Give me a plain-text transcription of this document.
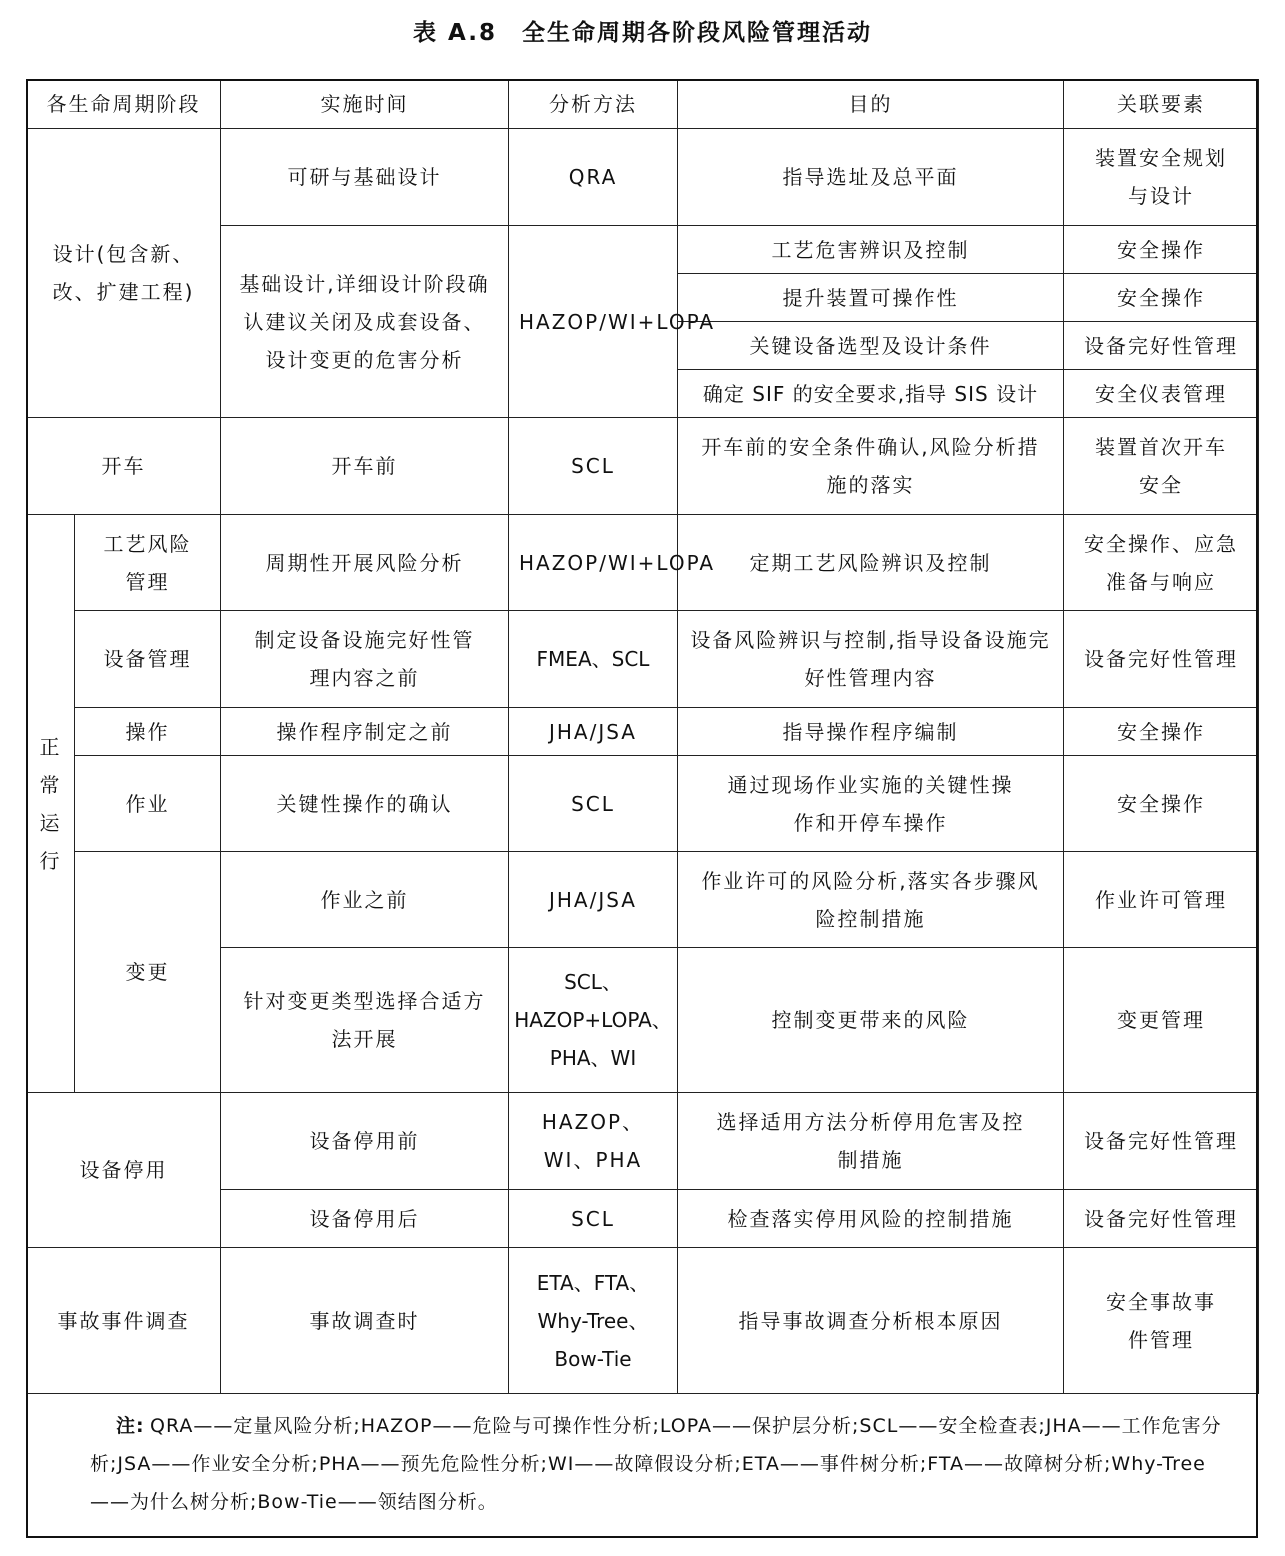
表 A.8　全生命周期各阶段风险管理活动
各生命周期阶段		实施时间	分析方法	目的	关联要素
设计(包含新、改、扩建工程)		可研与基础设计	QRA	指导选址及总平面	装置安全规划与设计
		基础设计,详细设计阶段确认建议关闭及成套设备、设计变更的危害分析	HAZOP/WI+LOPA	工艺危害辨识及控制	安全操作
				提升装置可操作性	安全操作
				关键设备选型及设计条件	设备完好性管理
				确定 SIF 的安全要求,指导 SIS 设计	安全仪表管理
开车		开车前	SCL	开车前的安全条件确认,风险分析措施的落实	装置首次开车安全
正常运行	工艺风险管理	周期性开展风险分析	HAZOP/WI+LOPA	定期工艺风险辨识及控制	安全操作、应急准备与响应
	设备管理	制定设备设施完好性管理内容之前	FMEA、SCL	设备风险辨识与控制,指导设备设施完好性管理内容	设备完好性管理
	操作	操作程序制定之前	JHA/JSA	指导操作程序编制	安全操作
	作业	关键性操作的确认	SCL	通过现场作业实施的关键性操作和开停车操作	安全操作
	变更	作业之前	JHA/JSA	作业许可的风险分析,落实各步骤风险控制措施	作业许可管理
		针对变更类型选择合适方法开展	SCL、HAZOP+LOPA、PHA、WI	控制变更带来的风险	变更管理
设备停用		设备停用前	HAZOP、WI、PHA	选择适用方法分析停用危害及控制措施	设备完好性管理
		设备停用后	SCL	检查落实停用风险的控制措施	设备完好性管理
事故事件调查		事故调查时	ETA、FTA、Why-Tree、Bow-Tie	指导事故调查分析根本原因	安全事故事件管理
注: QRA——定量风险分析;HAZOP——危险与可操作性分析;LOPA——保护层分析;SCL——安全检查表;JHA——工作危害分析;JSA——作业安全分析;PHA——预先危险性分析;WI——故障假设分析;ETA——事件树分析;FTA——故障树分析;Why-Tree——为什么树分析;Bow-Tie——领结图分析。
